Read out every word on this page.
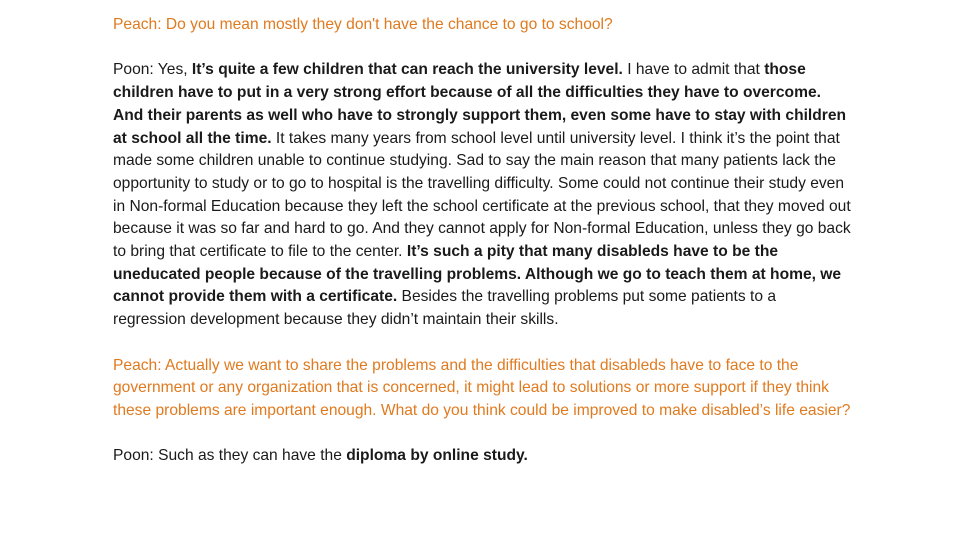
Peach: Do you mean mostly they don't have the chance to go to school?

Poon: Yes, It’s quite a few children that can reach the university level. I have to admit that those children have to put in a very strong effort because of all the difficulties they have to overcome. And their parents as well who have to strongly support them, even some have to stay with children at school all the time. It takes many years from school level until university level. I think it’s the point that made some children unable to continue studying. Sad to say the main reason that many patients lack the opportunity to study or to go to hospital is the travelling difficulty. Some could not continue their study even in Non-formal Education because they left the school certificate at the previous school, that they moved out because it was so far and hard to go. And they cannot apply for Non-formal Education, unless they go back to bring that certificate to file to the center. It’s such a pity that many disableds have to be the uneducated people because of the travelling problems. Although we go to teach them at home, we cannot provide them with a certificate. Besides the travelling problems put some patients to a regression development because they didn’t maintain their skills.

Peach: Actually we want to share the problems and the difficulties that disableds have to face to the government or any organization that is concerned, it might lead to solutions or more support if they think these problems are important enough. What do you think could be improved to make disabled’s life easier?

Poon: Such as they can have the diploma by online study.
